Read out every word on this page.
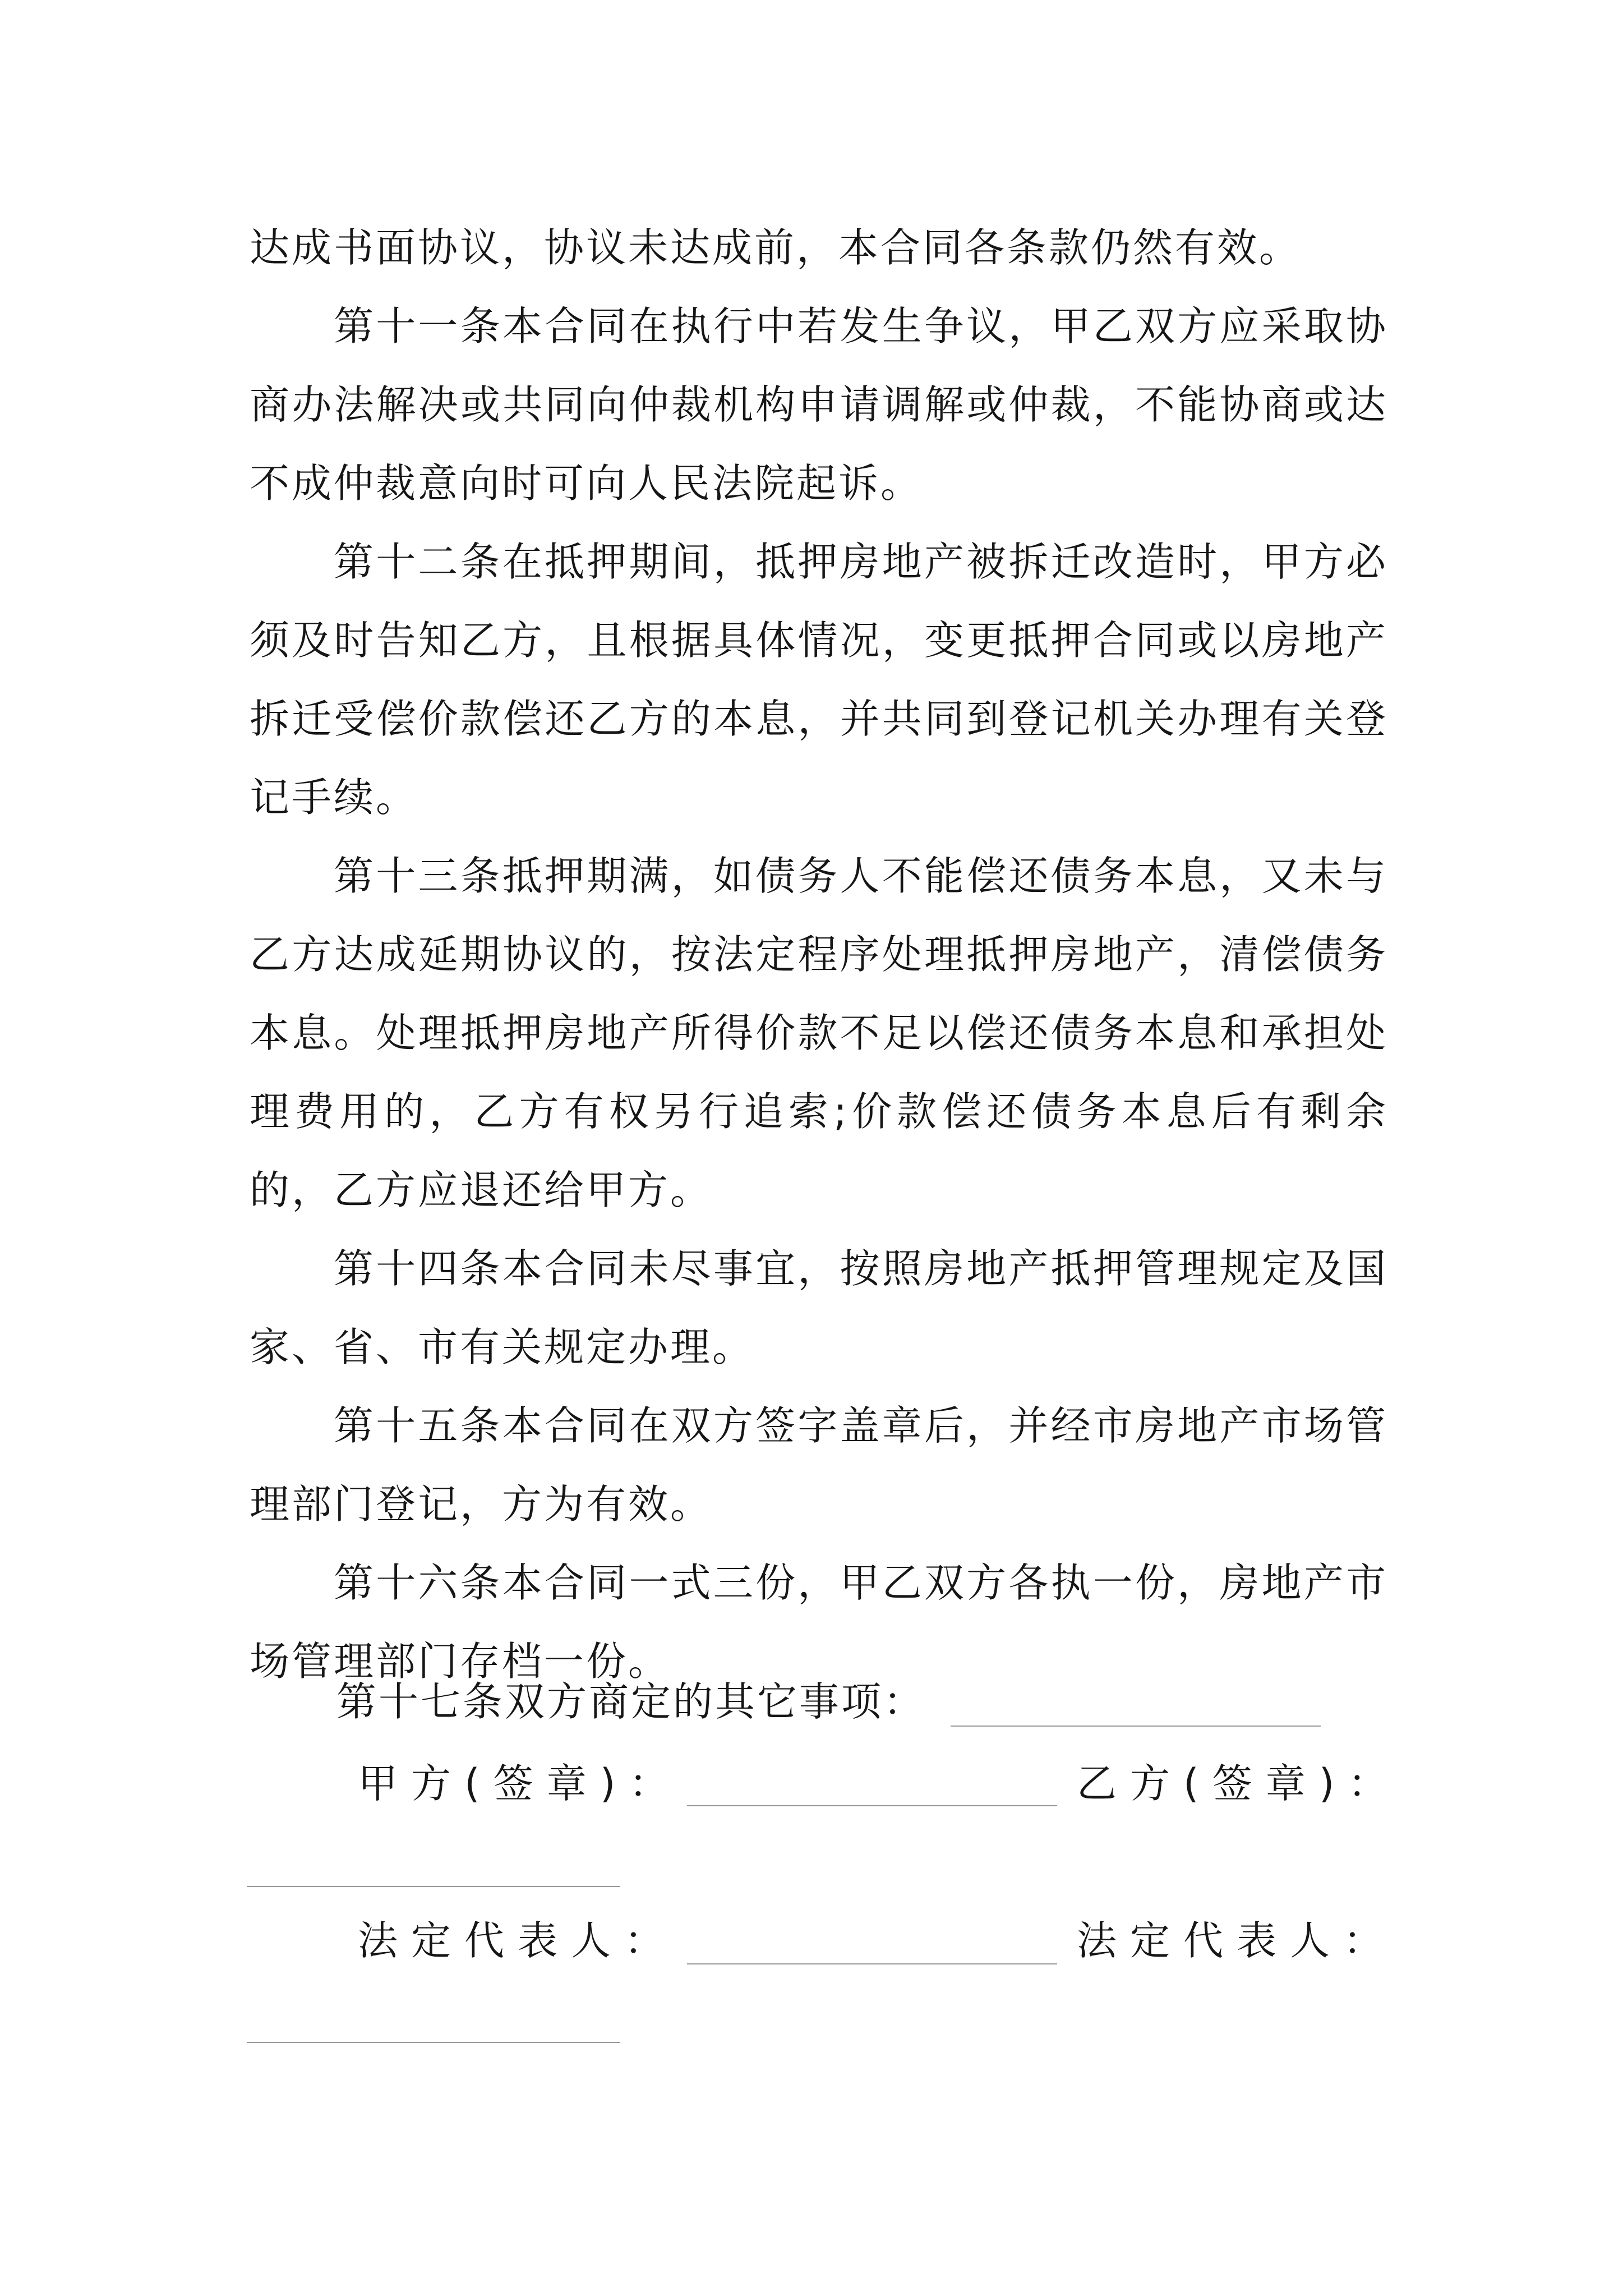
达成书面协议，协议未达成前，本合同各条款仍然有效。

第十一条本合同在执行中若发生争议，甲乙双方应采取协商办法解决或共同向仲裁机构申请调解或仲裁，不能协商或达不成仲裁意向时可向人民法院起诉。

第十二条在抵押期间，抵押房地产被拆迁改造时，甲方必须及时告知乙方，且根据具体情况，变更抵押合同或以房地产拆迁受偿价款偿还乙方的本息，并共同到登记机关办理有关登记手续。

第十三条抵押期满，如债务人不能偿还债务本息，又未与乙方达成延期协议的，按法定程序处理抵押房地产，清偿债务本息。处理抵押房地产所得价款不足以偿还债务本息和承担处理费用的，乙方有权另行追索;价款偿还债务本息后有剩余的，乙方应退还给甲方。

第十四条本合同未尽事宜，按照房地产抵押管理规定及国家、省、市有关规定办理。

第十五条本合同在双方签字盖章后，并经市房地产市场管理部门登记，方为有效。

第十六条本合同一式三份，甲乙双方各执一份，房地产市场管理部门存档一份。

第十七条双方商定的其它事项：
甲方(签章)：	乙方(签章)：
法定代表人：	法定代表人：
